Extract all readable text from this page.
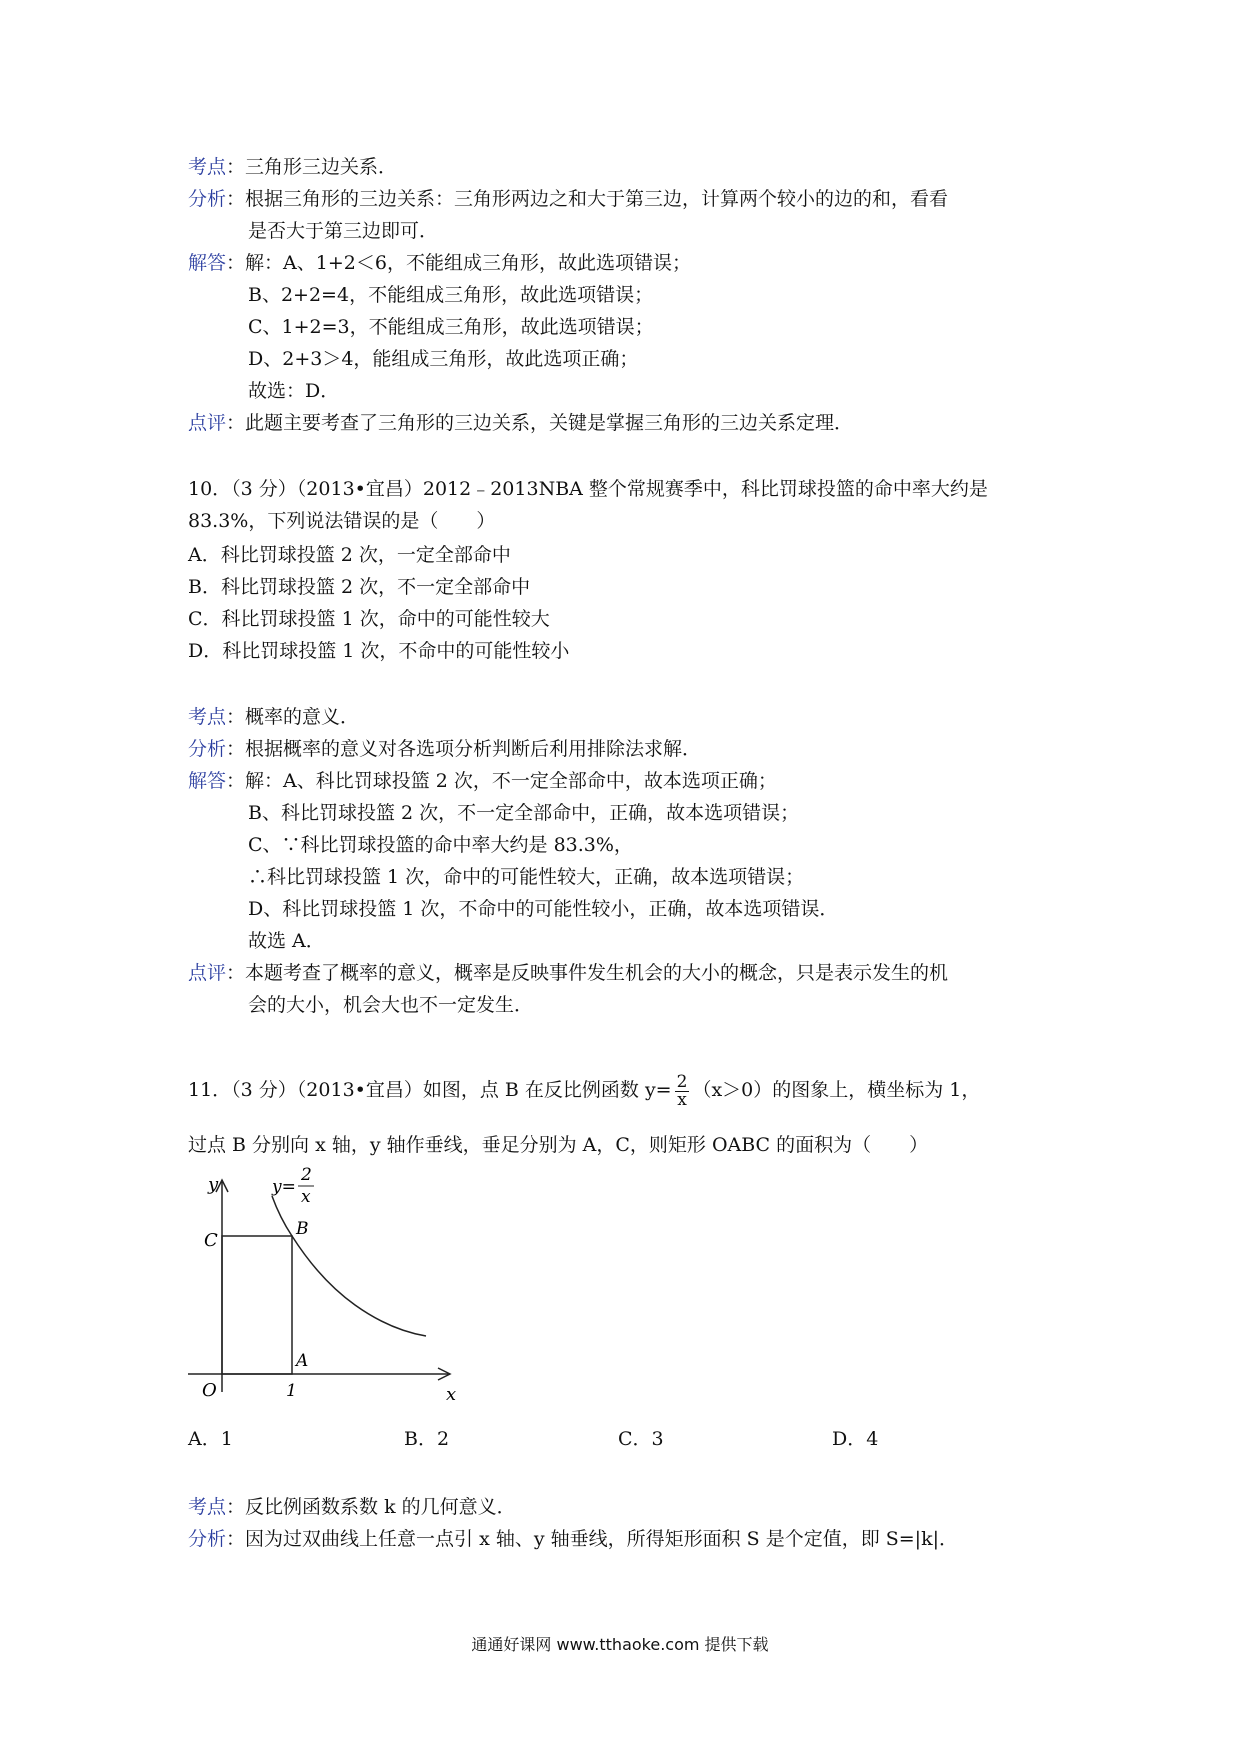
考点：三角形三边关系．
分析：根据三角形的三边关系：三角形两边之和大于第三边，计算两个较小的边的和，看看
是否大于第三边即可．
解答：解：A、1+2＜6，不能组成三角形，故此选项错误；
B、2+2=4，不能组成三角形，故此选项错误；
C、1+2=3，不能组成三角形，故此选项错误；
D、2+3＞4，能组成三角形，故此选项正确；
故选：D．
点评：此题主要考查了三角形的三边关系，关键是掌握三角形的三边关系定理．
10．（3 分）（2013•宜昌）2012﹣2013NBA 整个常规赛季中，科比罚球投篮的命中率大约是
83.3%，下列说法错误的是（　　）
A．科比罚球投篮 2 次，一定全部命中
B．科比罚球投篮 2 次，不一定全部命中
C．科比罚球投篮 1 次，命中的可能性较大
D．科比罚球投篮 1 次，不命中的可能性较小
考点：概率的意义．
分析：根据概率的意义对各选项分析判断后利用排除法求解．
解答：解：A、科比罚球投篮 2 次，不一定全部命中，故本选项正确；
B、科比罚球投篮 2 次，不一定全部命中，正确，故本选项错误；
C、∵科比罚球投篮的命中率大约是 83.3%，
∴科比罚球投篮 1 次，命中的可能性较大，正确，故本选项错误；
D、科比罚球投篮 1 次，不命中的可能性较小，正确，故本选项错误．
故选 A．
点评：本题考查了概率的意义，概率是反映事件发生机会的大小的概念，只是表示发生的机
会的大小，机会大也不一定发生．
11．（3 分）（2013•宜昌）如图，点 B 在反比例函数 $y= \frac{2}{x} (x>0)$的图象上，横坐标为 1，
过点 B 分别向 x 轴，y 轴作垂线，垂足分别为 A，C，则矩形 OABC 的面积为（　　）
y
x
O
C
B
A
1
y=
2
x
A．1	B．2	C．3	D．4
考点：反比例函数系数 k 的几何意义．
分析：因为过双曲线上任意一点引 x 轴、y 轴垂线，所得矩形面积 S 是个定值，即 S=|k|．
通通好课网 www.tthaoke.com 提供下载
